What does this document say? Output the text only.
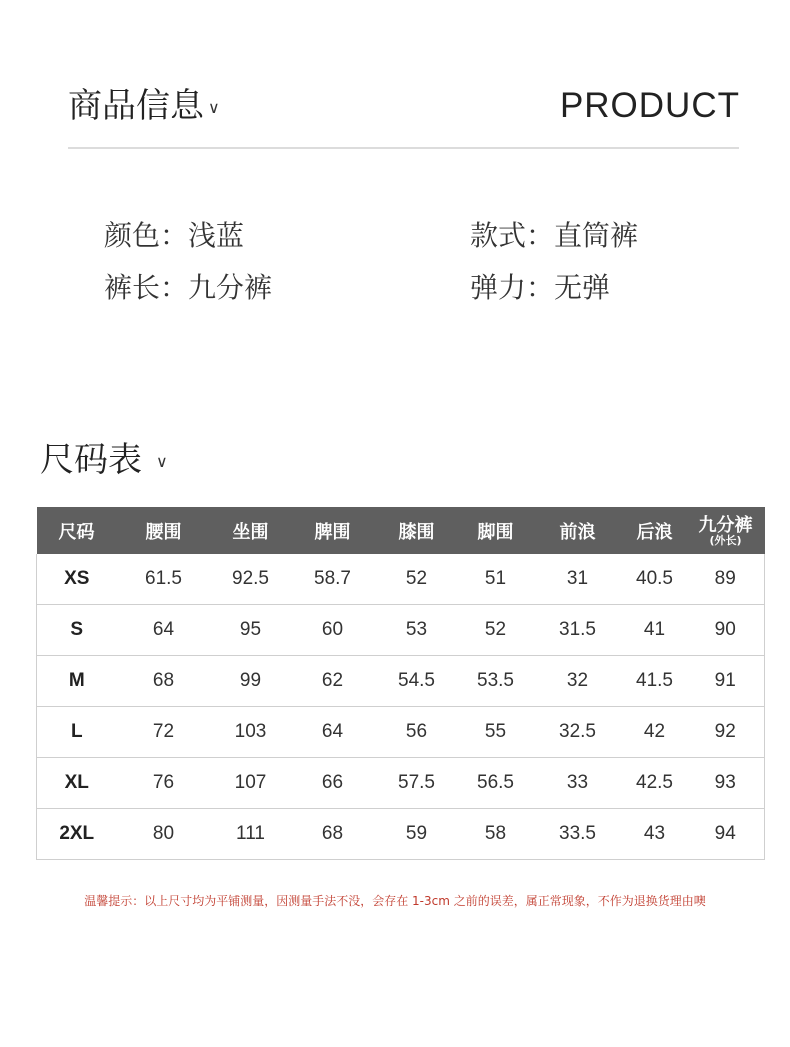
商品信息 ∨	PRODUCT
颜色：浅蓝	款式：直筒裤
裤长：九分裤	弹力：无弹
尺码表 ∨
尺码	腰围	坐围	脾围	膝围	脚围	前浪	后浪	九分裤
(外长)

XS	61.5	92.5	58.7	52	51	31	40.5	89
S	64	95	60	53	52	31.5	41	90
M	68	99	62	54.5	53.5	32	41.5	91
L	72	103	64	56	55	32.5	42	92
XL	76	107	66	57.5	56.5	33	42.5	93
2XL	80	111	68	59	58	33.5	43	94
温馨提示：以上尺寸均为平铺测量，因测量手法不没，会存在 1-3cm 之前的误差，属正常现象，不作为退换货理由噢
